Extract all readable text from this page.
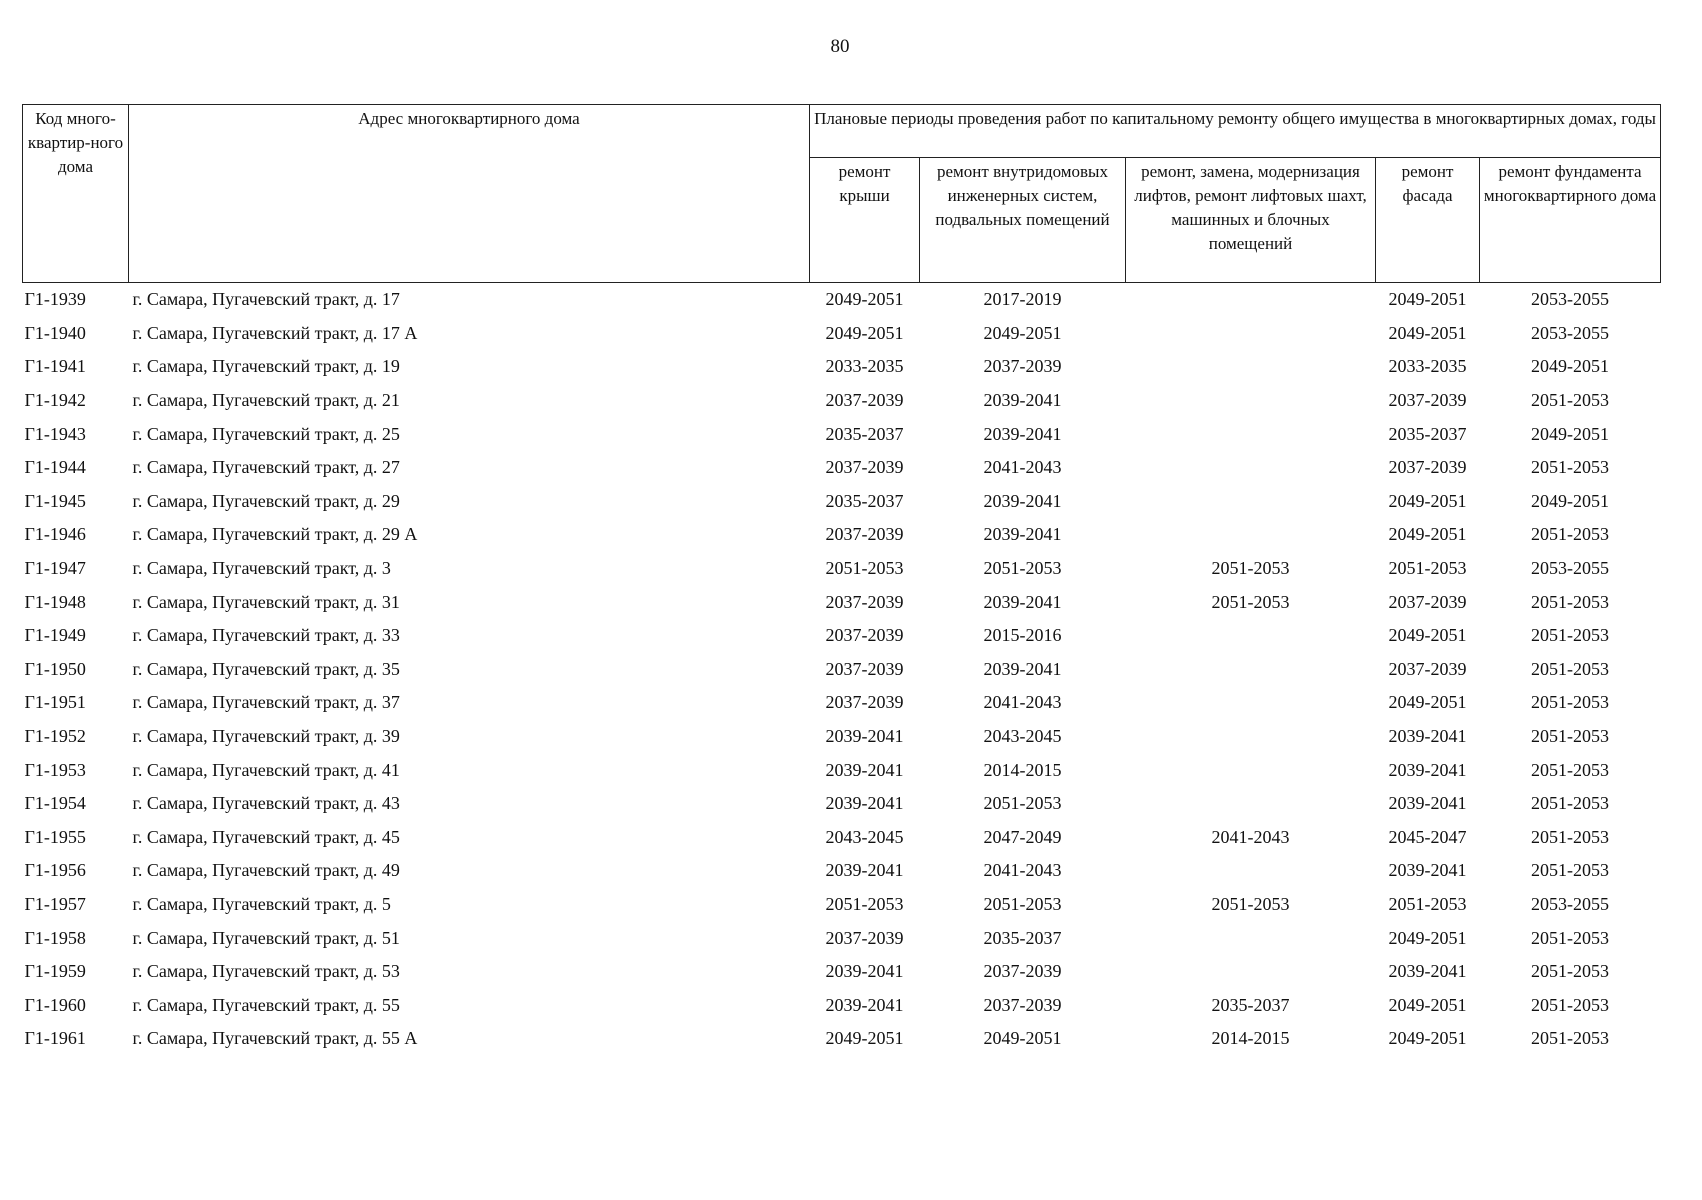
80
Код много-квартир-ного дома	Адрес многоквартирного дома	Плановые периоды проведения работ по капитальному ремонту общего имущества в многоквартирных домах, годы				
		ремонт крыши	ремонт внутридомовых инженерных систем, подвальных помещений	ремонт, замена, модернизация лифтов, ремонт лифтовых шахт, машинных и блочных помещений	ремонт фасада	ремонт фундамента многоквартирного дома
Г1-1939	г. Самара, Пугачевский тракт, д. 17	2049-2051	2017-2019		2049-2051	2053-2055
Г1-1940	г. Самара, Пугачевский тракт, д. 17 А	2049-2051	2049-2051		2049-2051	2053-2055
Г1-1941	г. Самара, Пугачевский тракт, д. 19	2033-2035	2037-2039		2033-2035	2049-2051
Г1-1942	г. Самара, Пугачевский тракт, д. 21	2037-2039	2039-2041		2037-2039	2051-2053
Г1-1943	г. Самара, Пугачевский тракт, д. 25	2035-2037	2039-2041		2035-2037	2049-2051
Г1-1944	г. Самара, Пугачевский тракт, д. 27	2037-2039	2041-2043		2037-2039	2051-2053
Г1-1945	г. Самара, Пугачевский тракт, д. 29	2035-2037	2039-2041		2049-2051	2049-2051
Г1-1946	г. Самара, Пугачевский тракт, д. 29 А	2037-2039	2039-2041		2049-2051	2051-2053
Г1-1947	г. Самара, Пугачевский тракт, д. 3	2051-2053	2051-2053	2051-2053	2051-2053	2053-2055
Г1-1948	г. Самара, Пугачевский тракт, д. 31	2037-2039	2039-2041	2051-2053	2037-2039	2051-2053
Г1-1949	г. Самара, Пугачевский тракт, д. 33	2037-2039	2015-2016		2049-2051	2051-2053
Г1-1950	г. Самара, Пугачевский тракт, д. 35	2037-2039	2039-2041		2037-2039	2051-2053
Г1-1951	г. Самара, Пугачевский тракт, д. 37	2037-2039	2041-2043		2049-2051	2051-2053
Г1-1952	г. Самара, Пугачевский тракт, д. 39	2039-2041	2043-2045		2039-2041	2051-2053
Г1-1953	г. Самара, Пугачевский тракт, д. 41	2039-2041	2014-2015		2039-2041	2051-2053
Г1-1954	г. Самара, Пугачевский тракт, д. 43	2039-2041	2051-2053		2039-2041	2051-2053
Г1-1955	г. Самара, Пугачевский тракт, д. 45	2043-2045	2047-2049	2041-2043	2045-2047	2051-2053
Г1-1956	г. Самара, Пугачевский тракт, д. 49	2039-2041	2041-2043		2039-2041	2051-2053
Г1-1957	г. Самара, Пугачевский тракт, д. 5	2051-2053	2051-2053	2051-2053	2051-2053	2053-2055
Г1-1958	г. Самара, Пугачевский тракт, д. 51	2037-2039	2035-2037		2049-2051	2051-2053
Г1-1959	г. Самара, Пугачевский тракт, д. 53	2039-2041	2037-2039		2039-2041	2051-2053
Г1-1960	г. Самара, Пугачевский тракт, д. 55	2039-2041	2037-2039	2035-2037	2049-2051	2051-2053
Г1-1961	г. Самара, Пугачевский тракт, д. 55 А	2049-2051	2049-2051	2014-2015	2049-2051	2051-2053
